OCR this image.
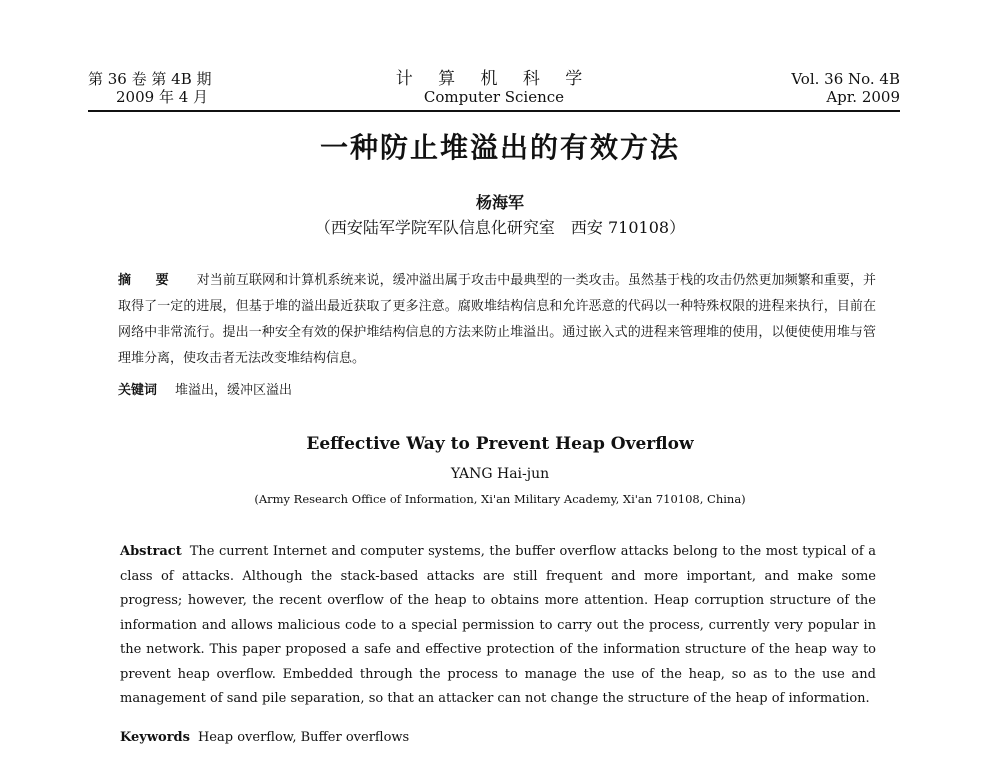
第 36 卷 第 4B 期
2009 年 4 月
计 算 机 科 学
Computer Science
Vol. 36 No. 4B
Apr. 2009
一种防止堆溢出的有效方法
杨海军
（西安陆军学院军队信息化研究室　西安 710108）
摘 要 对当前互联网和计算机系统来说，缓冲溢出属于攻击中最典型的一类攻击。虽然基于栈的攻击仍然更加频繁和重要，并取得了一定的进展，但基于堆的溢出最近获取了更多注意。腐败堆结构信息和允许恶意的代码以一种特殊权限的进程来执行，目前在网络中非常流行。提出一种安全有效的保护堆结构信息的方法来防止堆溢出。通过嵌入式的进程来管理堆的使用，以便使使用堆与管理堆分离，使攻击者无法改变堆结构信息。
关键词 堆溢出，缓冲区溢出
Eeffective Way to Prevent Heap Overflow
YANG Hai-jun
(Army Research Office of Information, Xi'an Military Academy, Xi'an 710108, China)
Abstract The current Internet and computer systems, the buffer overflow attacks belong to the most typical of a class of attacks. Although the stack-based attacks are still frequent and more important, and make some progress; however, the recent overflow of the heap to obtains more attention. Heap corruption structure of the information and allows malicious code to a special permission to carry out the process, currently very popular in the network. This paper proposed a safe and effective protection of the information structure of the heap way to prevent heap overflow. Embedded through the process to manage the use of the heap, so as to the use and management of sand pile separation, so that an attacker can not change the structure of the heap of information.
Keywords Heap overflow, Buffer overflows
